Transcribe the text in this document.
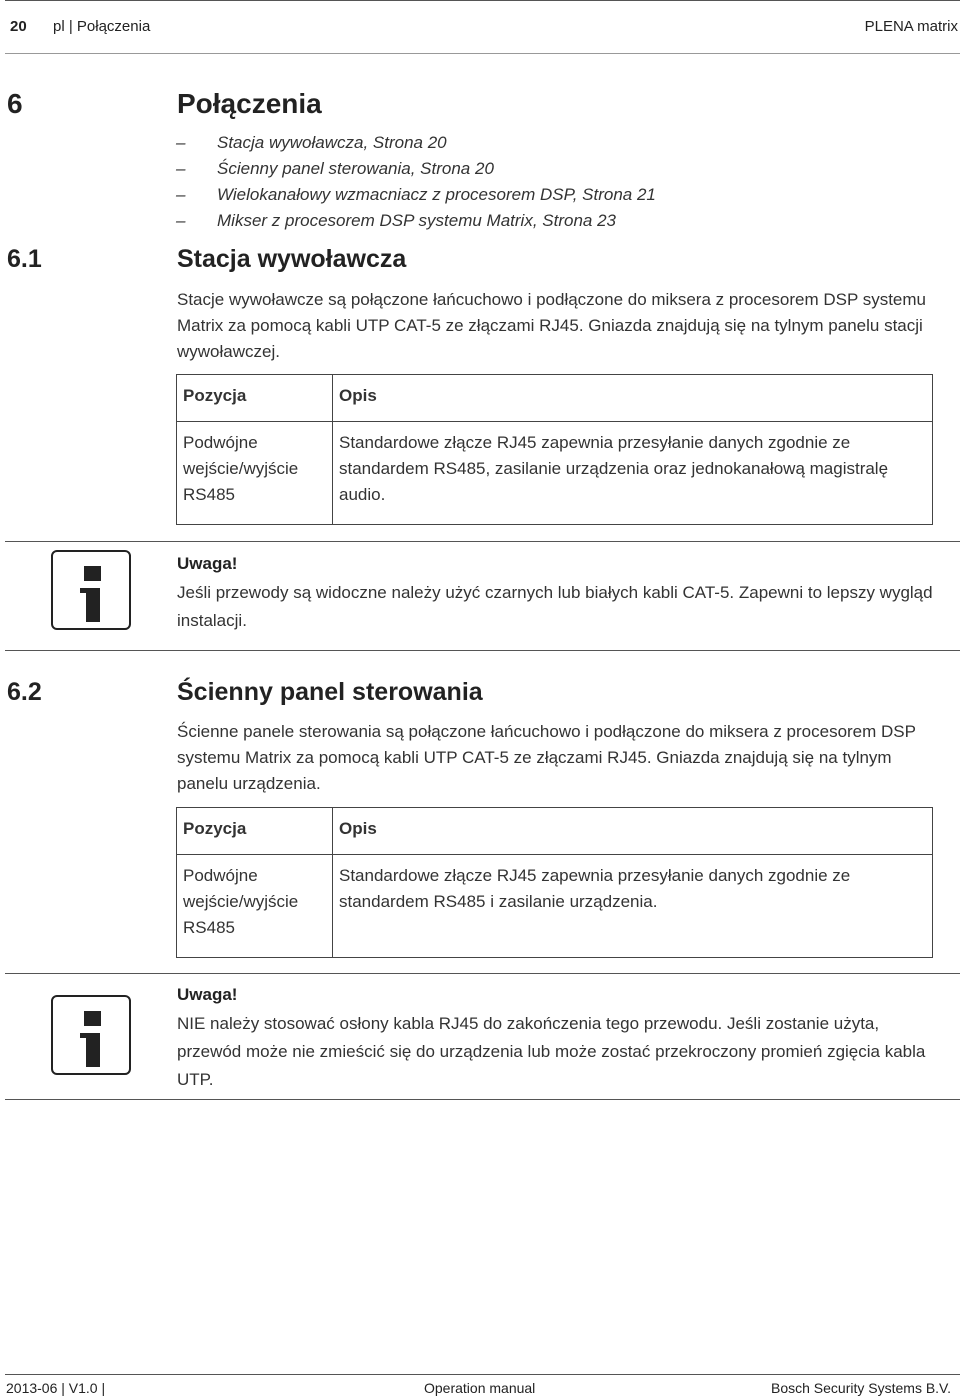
20 pl | Połączenia	PLENA matrix
6	Połączenia
– Stacja wywoławcza, Strona 20
– Ścienny panel sterowania, Strona 20
– Wielokanałowy wzmacniacz z procesorem DSP, Strona 21
– Mikser z procesorem DSP systemu Matrix, Strona 23
6.1	Stacja wywoławcza
Stacje wywoławcze są połączone łańcuchowo i podłączone do miksera z procesorem DSP systemu Matrix za pomocą kabli UTP CAT-5 ze złączami RJ45. Gniazda znajdują się na tylnym panelu stacji wywoławczej.
Pozycja	Opis
Podwójne wejście/wyjście RS485	Standardowe złącze RJ45 zapewnia przesyłanie danych zgodnie ze standardem RS485, zasilanie urządzenia oraz jednokanałową magistralę audio.
Uwaga!
Jeśli przewody są widoczne należy użyć czarnych lub białych kabli CAT-5. Zapewni to lepszy wygląd instalacji.
6.2	Ścienny panel sterowania
Ścienne panele sterowania są połączone łańcuchowo i podłączone do miksera z procesorem DSP systemu Matrix za pomocą kabli UTP CAT-5 ze złączami RJ45. Gniazda znajdują się na tylnym panelu urządzenia.
Pozycja	Opis
Podwójne wejście/wyjście RS485	Standardowe złącze RJ45 zapewnia przesyłanie danych zgodnie ze standardem RS485 i zasilanie urządzenia.
Uwaga!
NIE należy stosować osłony kabla RJ45 do zakończenia tego przewodu. Jeśli zostanie użyta, przewód może nie zmieścić się do urządzenia lub może zostać przekroczony promień zgięcia kabla UTP.
2013-06 | V1.0 |	Operation manual	Bosch Security Systems B.V.
